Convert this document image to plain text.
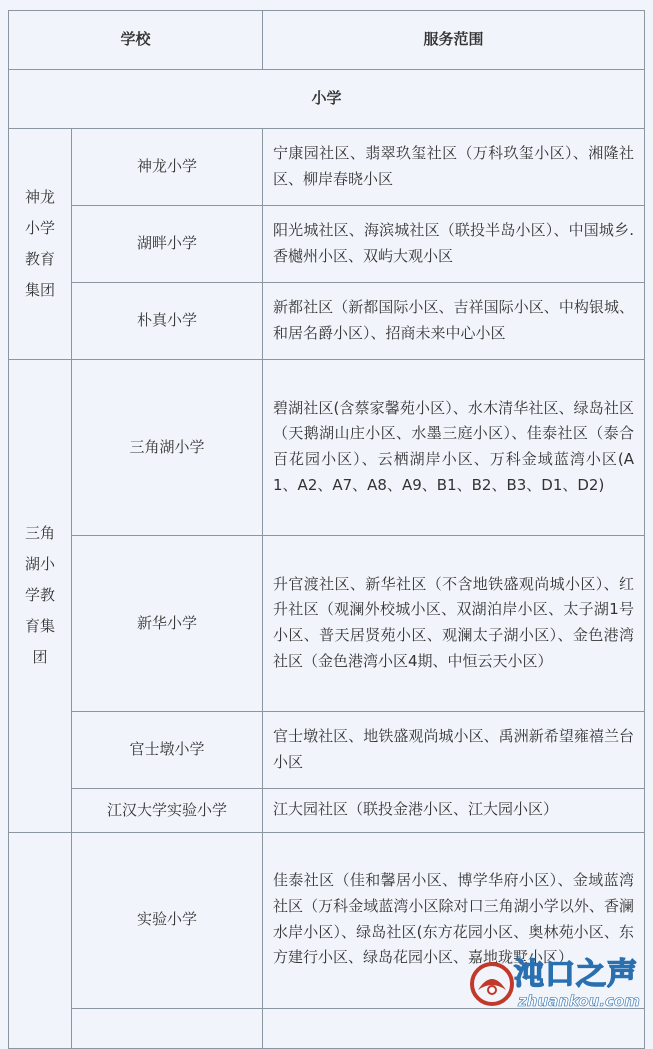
学校		服务范围
小学		

神龙
小学
教育
集团	神龙小学	宁康园社区、翡翠玖玺社区（万科玖玺小区）、湘隆社区、柳岸春晓小区
	湖畔小学	阳光城社区、海滨城社区（联投半岛小区）、中国城乡.香樾州小区、双屿大观小区
	朴真小学	新都社区（新都国际小区、吉祥国际小区、中构银城、和居名爵小区）、招商未来中心小区

三角
湖小
学教
育集
团	三角湖小学	碧湖社区(含蔡家馨苑小区）、水木清华社区、绿岛社区（天鹅湖山庄小区、水墨三庭小区）、佳泰社区（泰合百花园小区）、云栖湖岸小区、万科金域蓝湾小区(A1、A2、A7、A8、A9、B1、B2、B3、D1、D2)
	新华小学	升官渡社区、新华社区（不含地铁盛观尚城小区）、红升社区（观澜外校城小区、双湖泊岸小区、太子湖1号小区、普天居贤苑小区、观澜太子湖小区）、金色港湾社区（金色港湾小区4期、中恒云天小区）
	官士墩小学	官士墩社区、地铁盛观尚城小区、禹洲新希望雍禧兰台小区
	江汉大学实验小学	江大园社区（联投金港小区、江大园小区）
	实验小学	佳泰社区（佳和馨居小区、博学华府小区）、金域蓝湾社区（万科金域蓝湾小区除对口三角湖小学以外、香澜水岸小区）、绿岛社区(东方花园小区、奥林苑小区、东方建行小区、绿岛花园小区、嘉地珑墅小区）

沌口之声
zhuankou.com
